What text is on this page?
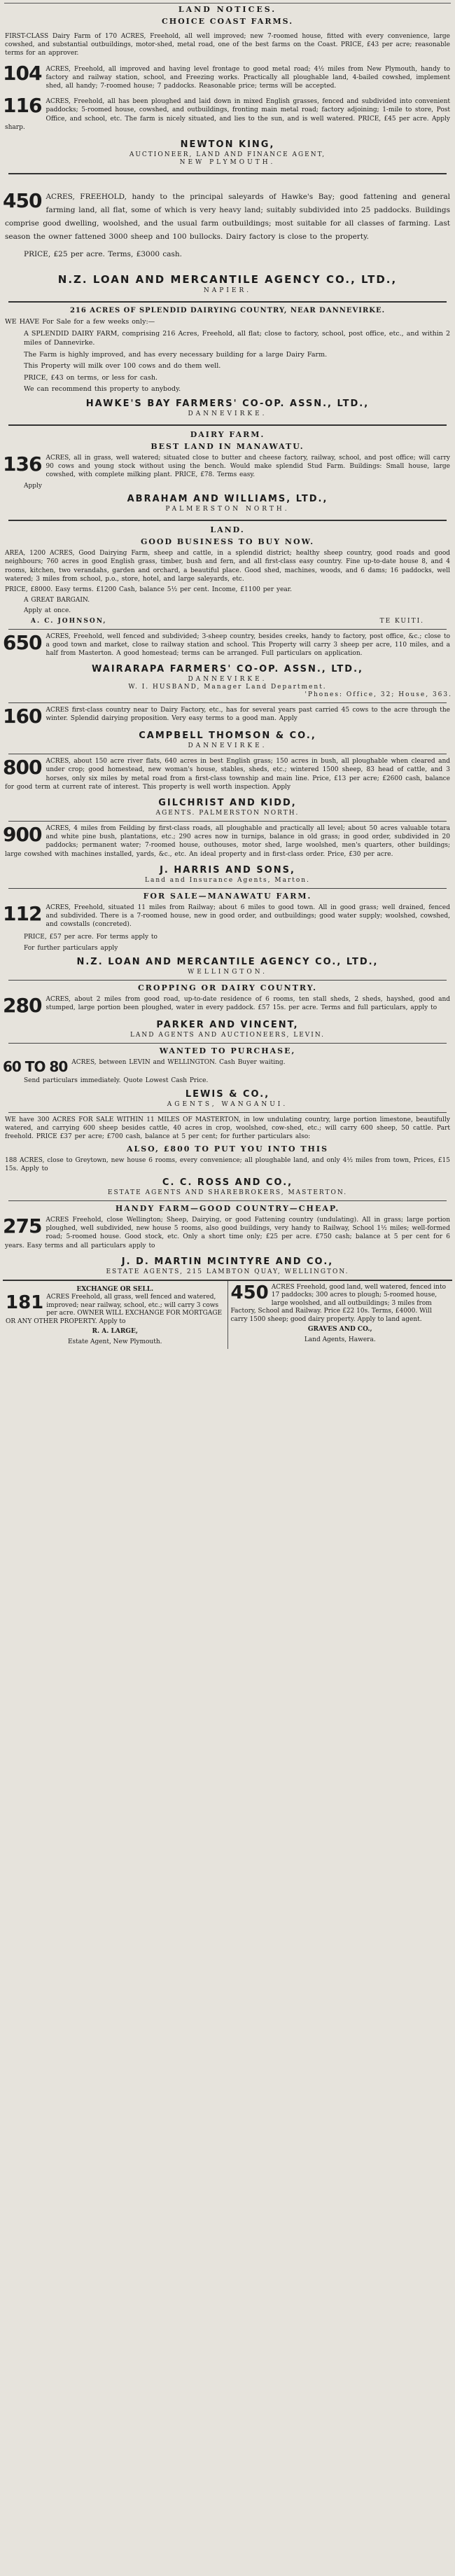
LAND NOTICES.
CHOICE COAST FARMS.

FIRST-CLASS Dairy Farm of 170 ACRES, Freehold, all well improved; new 7-roomed house, fitted with every convenience, large cowshed, and substantial outbuildings, motor-shed, metal road, one of the best farms on the Coast. PRICE, £43 per acre; reasonable terms for an approver.

104 ACRES, Freehold, all improved and having level frontage to good metal road; 4½ miles from New Plymouth, handy to factory and railway station, school, and Freezing works. Practically all ploughable land, 4-bailed cowshed, implement shed, all handy; 7-roomed house; 7 paddocks. Reasonable price; terms will be accepted.

116 ACRES, Freehold, all has been ploughed and laid down in mixed English grasses, fenced and subdivided into convenient paddocks; 5-roomed house, cowshed, and outbuildings, fronting main metal road; factory adjoining; 1-mile to store, Post Office, and school, etc. The farm is nicely situated, and lies to the sun, and is well watered. PRICE, £45 per acre. Apply sharp.

NEWTON KING,
AUCTIONEER, LAND AND FINANCE AGENT,
NEW PLYMOUTH.
450 ACRES, FREEHOLD, handy to the principal saleyards of Hawke's Bay; good fattening and general farming land, all flat, some of which is very heavy land; suitably subdivided into 25 paddocks. Buildings comprise good dwelling, woolshed, and the usual farm outbuildings; most suitable for all classes of farming. Last season the owner fattened 3000 sheep and 100 bullocks. Dairy factory is close to the property.

PRICE, £25 per acre. Terms, £3000 cash.

N.Z. LOAN AND MERCANTILE AGENCY CO., LTD.,
NAPIER.
216 ACRES OF SPLENDID DAIRYING COUNTRY, NEAR DANNEVIRKE.

WE HAVE For Sale for a few weeks only:—

A SPLENDID DAIRY FARM, comprising 216 Acres, Freehold, all flat; close to factory, school, post office, etc., and within 2 miles of Dannevirke.

The Farm is highly improved, and has every necessary building for a large Dairy Farm.

This Property will milk over 100 cows and do them well.

PRICE, £43 on terms, or less for cash.

We can recommend this property to anybody.

HAWKE'S BAY FARMERS' CO-OP. ASSN., LTD.,
DANNEVIRKE.
DAIRY FARM.
BEST LAND IN MANAWATU.
136 ACRES, all in grass, well watered; situated close to butter and cheese factory, railway, school, and post office; will carry 90 cows and young stock without using the bench. Would make splendid Stud Farm. Buildings: Small house, large cowshed, with complete milking plant. PRICE, £78. Terms easy.

Apply
ABRAHAM AND WILLIAMS, LTD.,
PALMERSTON NORTH.
LAND.
GOOD BUSINESS TO BUY NOW.

AREA, 1200 ACRES, Good Dairying Farm, sheep and cattle, in a splendid district; healthy sheep country, good roads and good neighbours; 760 acres in good English grass, timber, bush and fern, and all first-class easy country. Fine up-to-date house 8, and 4 rooms, kitchen, two verandahs, garden and orchard, a beautiful place. Good shed, machines, woods, and 6 dams; 16 paddocks, well watered; 3 miles from school, p.o., store, hotel, and large saleyards, etc.

PRICE, £8000. Easy terms. £1200 Cash, balance 5½ per cent. Income, £1100 per year.

A GREAT BARGAIN.

Apply at once.

A. C. JOHNSON,	TE KUITI.
650 ACRES, Freehold, well fenced and subdivided; 3-sheep country, besides creeks, handy to factory, post office, &c.; close to a good town and market, close to railway station and school. This Property will carry 3 sheep per acre, 110 miles, and a half from Masterton. A good homestead; terms can be arranged. Full particulars on application.

WAIRARAPA FARMERS' CO-OP. ASSN., LTD.,
DANNEVIRKE.
W. I. HUSBAND, Manager Land Department.
'Phones: Office, 32; House, 363.
160 ACRES first-class country near to Dairy Factory, etc., has for several years past carried 45 cows to the acre through the winter. Splendid dairying proposition. Very easy terms to a good man. Apply

CAMPBELL THOMSON & CO.,
DANNEVIRKE.
800 ACRES, about 150 acre river flats, 640 acres in best English grass; 150 acres in bush, all ploughable when cleared and under crop; good homestead, new woman's house, stables, sheds, etc.; wintered 1500 sheep, 83 head of cattle, and 3 horses, only six miles by metal road from a first-class township and main line. Price, £13 per acre; £2600 cash, balance for good term at current rate of interest. This property is well worth inspection. Apply

GILCHRIST AND KIDD,
AGENTS. PALMERSTON NORTH.
900 ACRES, 4 miles from Feilding by first-class roads, all ploughable and practically all level; about 50 acres valuable totara and white pine bush, plantations, etc.; 290 acres now in turnips, balance in old grass; in good order, subdivided in 20 paddocks; permanent water; 7-roomed house, outhouses, motor shed, large woolshed, men's quarters, other buildings; large cowshed with machines installed, yards, &c., etc. An ideal property and in first-class order. Price, £30 per acre.

J. HARRIS AND SONS,
Land and Insurance Agents, Marton.
FOR SALE—MANAWATU FARM.
112 ACRES, Freehold, situated 11 miles from Railway; about 6 miles to good town. All in good grass; well drained, fenced and subdivided. There is a 7-roomed house, new in good order, and outbuildings; good water supply; woolshed, cowshed, and cowstalls (concreted).

PRICE, £57 per acre. For terms apply to

For further particulars apply

N.Z. LOAN AND MERCANTILE AGENCY CO., LTD.,
WELLINGTON.
CROPPING OR DAIRY COUNTRY.
280 ACRES, about 2 miles from good road, up-to-date residence of 6 rooms, ten stall sheds, 2 sheds, hayshed, good and stumped, large portion been ploughed, water in every paddock. £57 15s. per acre. Terms and full particulars, apply to

PARKER AND VINCENT,
LAND AGENTS AND AUCTIONEERS, LEVIN.
WANTED TO PURCHASE,
60 TO 80 ACRES, between LEVIN and WELLINGTON. Cash Buyer waiting.

Send particulars immediately. Quote Lowest Cash Price.

LEWIS & CO.,
AGENTS, WANGANUI.

WE have 300 ACRES FOR SALE WITHIN 11 MILES OF MASTERTON, in low undulating country, large portion limestone, beautifully watered, and carrying 600 sheep besides cattle, 40 acres in crop, woolshed, cow-shed, etc.; will carry 600 sheep, 50 cattle. Part freehold. PRICE £37 per acre; £700 cash, balance at 5 per cent; for further particulars also:

ALSO, £800 TO PUT YOU INTO THIS

188 ACRES, close to Greytown, new house 6 rooms, every convenience; all ploughable land, and only 4½ miles from town, Prices, £15 15s. Apply to

C. C. ROSS AND CO.,
ESTATE AGENTS AND SHAREBROKERS, MASTERTON.
HANDY FARM—GOOD COUNTRY—CHEAP.
275 ACRES Freehold, close Wellington; Sheep, Dairying, or good Fattening country (undulating). All in grass; large portion ploughed, well subdivided, new house 5 rooms, also good buildings, very handy to Railway, School 1½ miles; well-formed road; 5-roomed house. Good stock, etc. Only a short time only; £25 per acre. £750 cash; balance at 5 per cent for 6 years. Easy terms and all particulars apply to

J. D. MARTIN MCINTYRE AND CO.,
ESTATE AGENTS, 215 LAMBTON QUAY, WELLINGTON.
EXCHANGE OR SELL.
181 ACRES Freehold, all grass, well fenced and watered, improved; near railway, school, etc.; will carry 3 cows per acre. OWNER WILL EXCHANGE FOR MORTGAGE OR ANY OTHER PROPERTY. Apply to
R. A. LARGE,
Estate Agent, New Plymouth.
450 ACRES Freehold, good land, well watered, fenced into 17 paddocks; 300 acres to plough; 5-roomed house, large woolshed, and all outbuildings; 3 miles from Factory, School and Railway. Price £22 10s. Terms, £4000. Will carry 1500 sheep; good dairy property. Apply to land agent.
GRAVES AND CO.,
Land Agents, Hawera.
